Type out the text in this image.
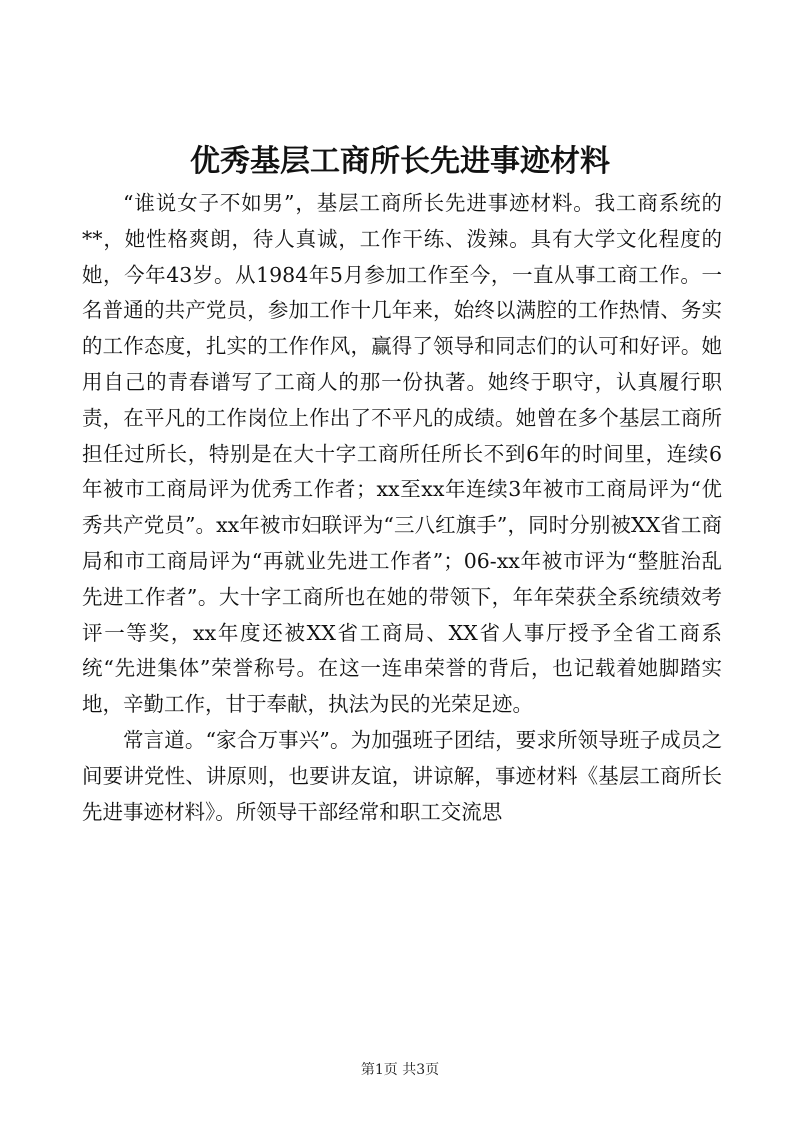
优秀基层工商所长先进事迹材料

“谁说女子不如男”，基层工商所长先进事迹材料。我工商系统的**，她性格爽朗，待人真诚，工作干练、泼辣。具有大学文化程度的她，今年43岁。从1984年5月参加工作至今，一直从事工商工作。一名普通的共产党员，参加工作十几年来，始终以满腔的工作热情、务实的工作态度，扎实的工作作风，赢得了领导和同志们的认可和好评。她用自己的青春谱写了工商人的那一份执著。她终于职守，认真履行职责，在平凡的工作岗位上作出了不平凡的成绩。她曾在多个基层工商所担任过所长，特别是在大十字工商所任所长不到6年的时间里，连续6年被市工商局评为优秀工作者；xx至xx年连续3年被市工商局评为“优秀共产党员”。xx年被市妇联评为“三八红旗手”，同时分别被XX省工商局和市工商局评为“再就业先进工作者”；06-xx年被市评为“整脏治乱先进工作者”。大十字工商所也在她的带领下，年年荣获全系统绩效考评一等奖，xx年度还被XX省工商局、XX省人事厅授予全省工商系统“先进集体”荣誉称号。在这一连串荣誉的背后，也记载着她脚踏实地，辛勤工作，甘于奉献，执法为民的光荣足迹。

常言道。“家合万事兴”。为加强班子团结，要求所领导班子成员之间要讲党性、讲原则，也要讲友谊，讲谅解，事迹材料《基层工商所长先进事迹材料》。所领导干部经常和职工交流思

第1页 共3页
